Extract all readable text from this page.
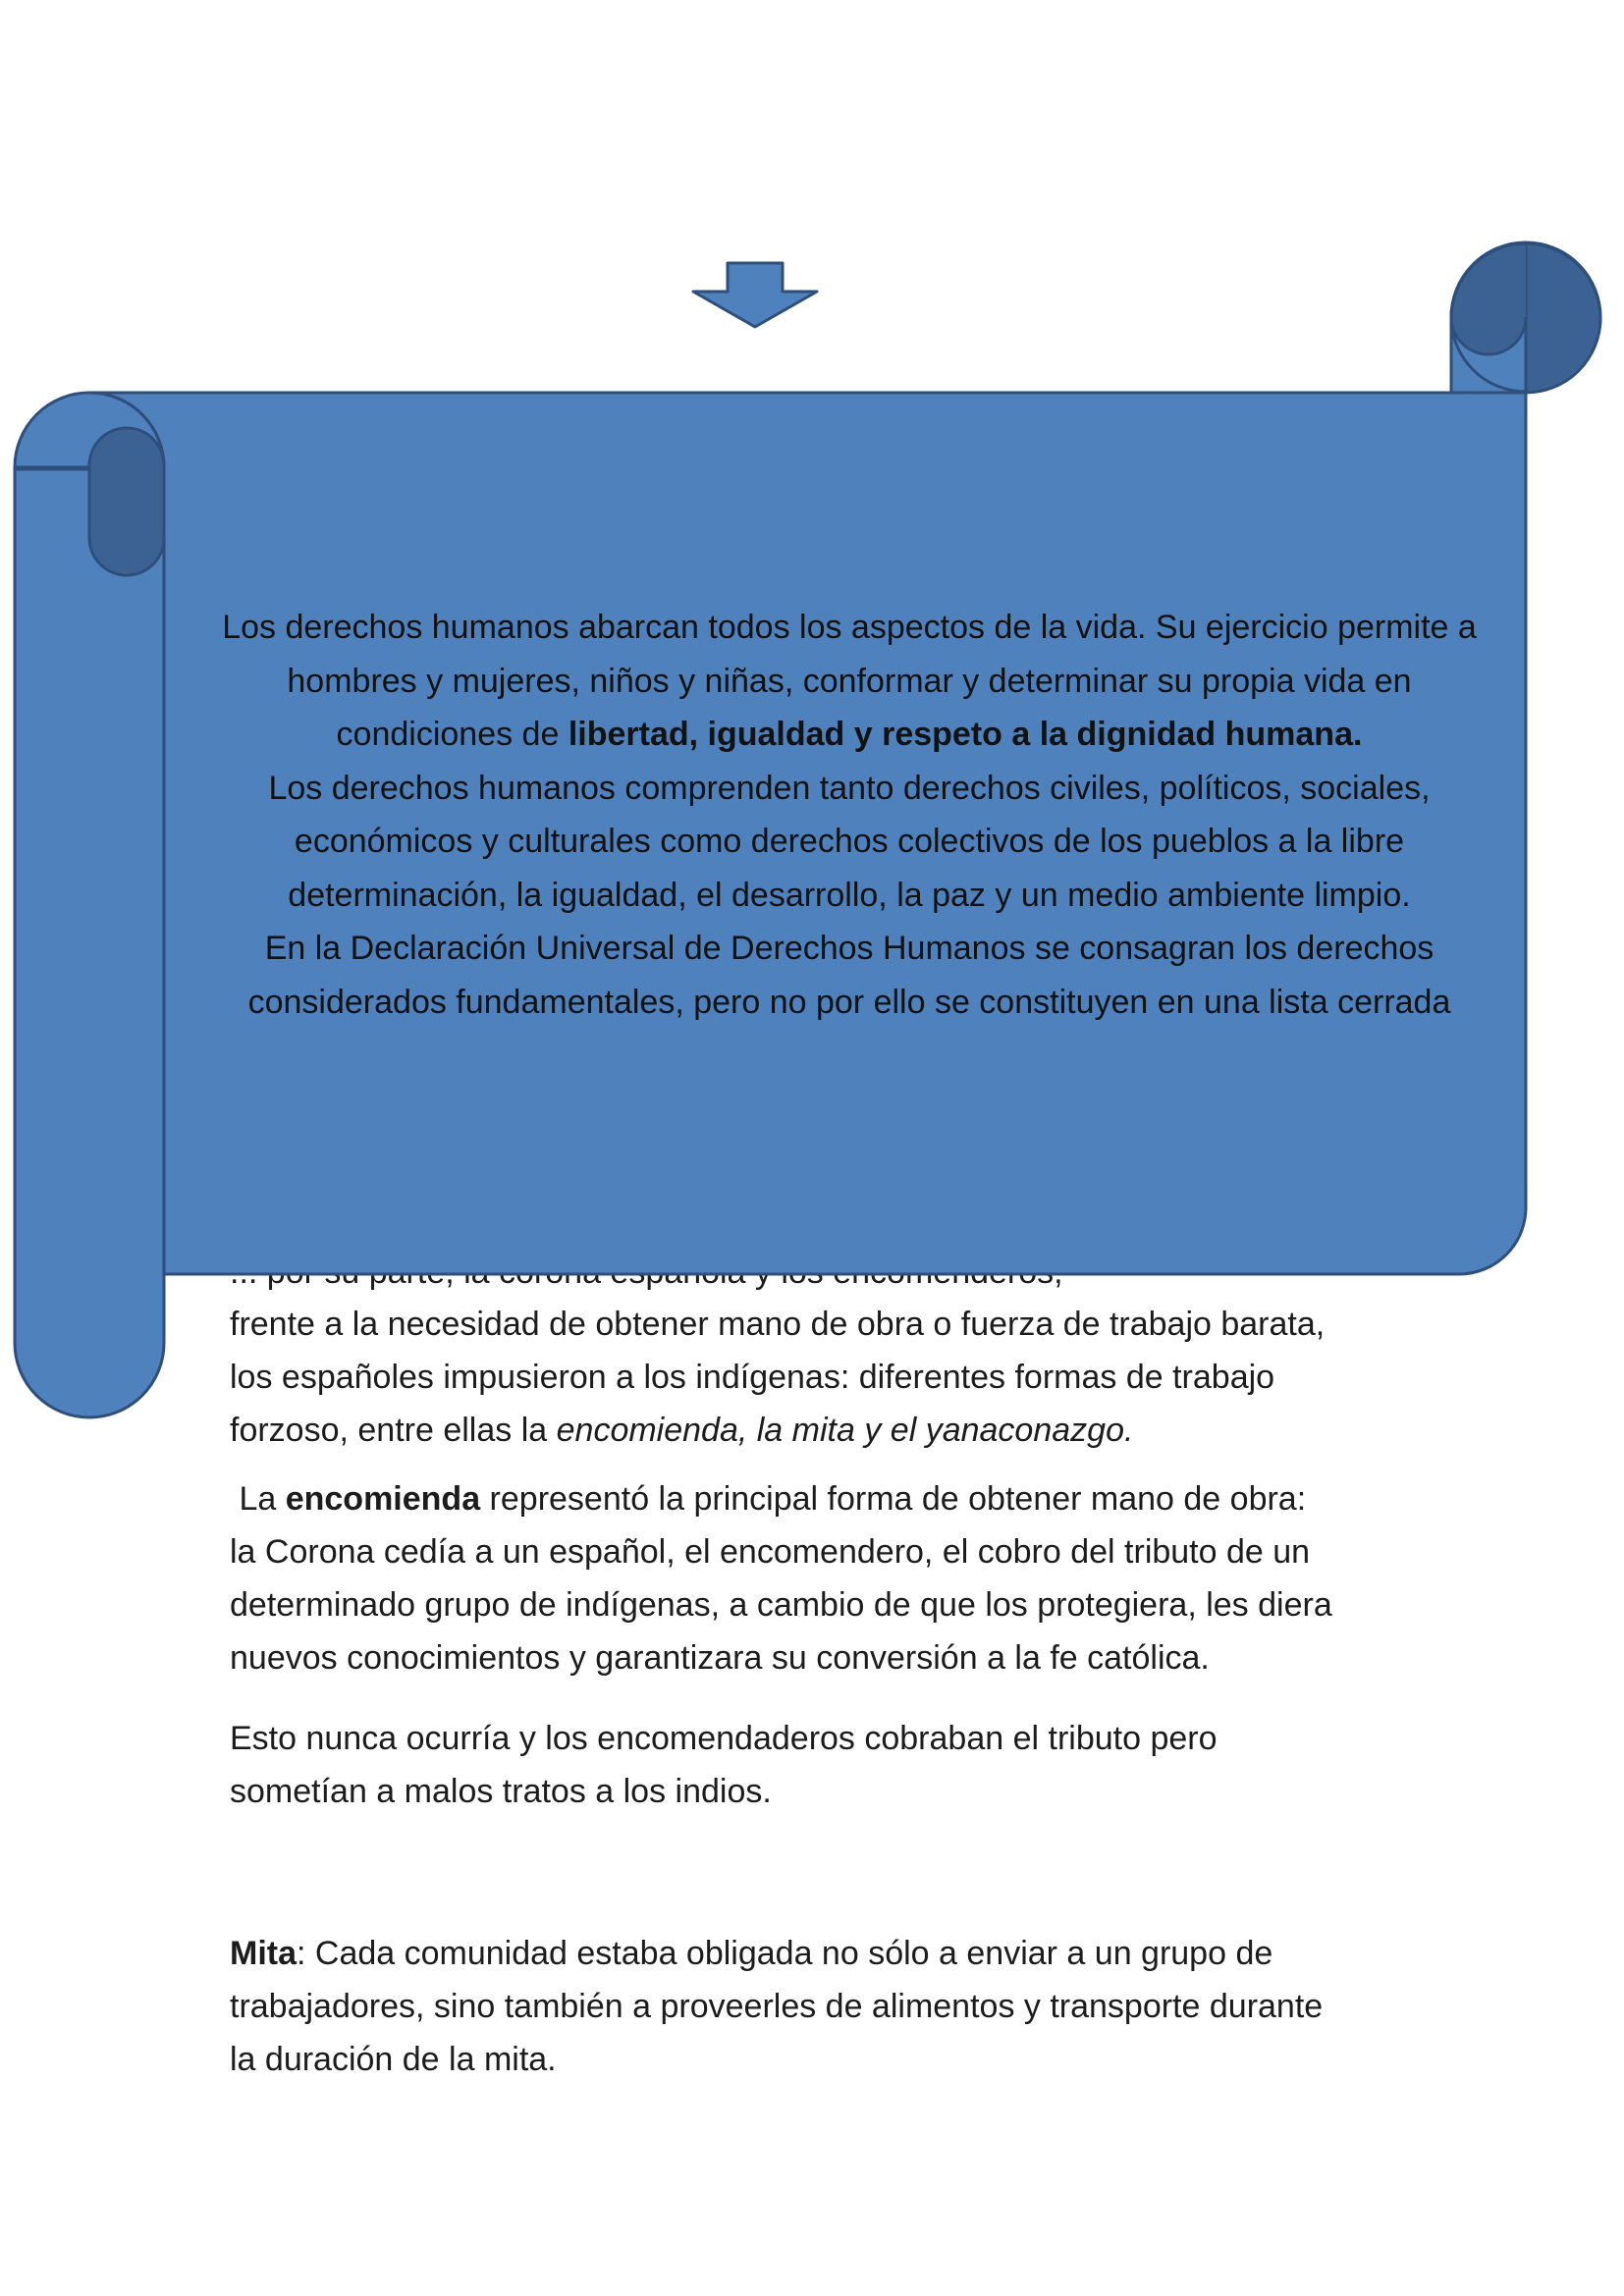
frente a la necesidad de obtener mano de obra o fuerza de trabajo barata,

los españoles impusieron a los indígenas: diferentes formas de trabajo

forzoso, entre ellas la encomienda, la mita y el yanaconazgo.

La encomienda representó la principal forma de obtener mano de obra:

la Corona cedía a un español, el encomendero, el cobro del tributo de un

determinado grupo de indígenas, a cambio de que los protegiera, les diera

nuevos conocimientos y garantizara su conversión a la fe católica.

Esto nunca ocurría y los encomendaderos cobraban el tributo pero

sometían a malos tratos a los indios.

Mita: Cada comunidad estaba obligada no sólo a enviar a un grupo de

trabajadores, sino también a proveerles de alimentos y transporte durante

la duración de la mita.

Los derechos humanos abarcan todos los aspectos de la vida. Su ejercicio permite a

hombres y mujeres, niños y niñas, conformar y determinar su propia vida en

condiciones de libertad, igualdad y respeto a la dignidad humana.

Los derechos humanos comprenden tanto derechos civiles, políticos, sociales,

económicos y culturales como derechos colectivos de los pueblos a la libre

determinación, la igualdad, el desarrollo, la paz y un medio ambiente limpio.

En la Declaración Universal de Derechos Humanos se consagran los derechos

considerados fundamentales, pero no por ello se constituyen en una lista cerrada
